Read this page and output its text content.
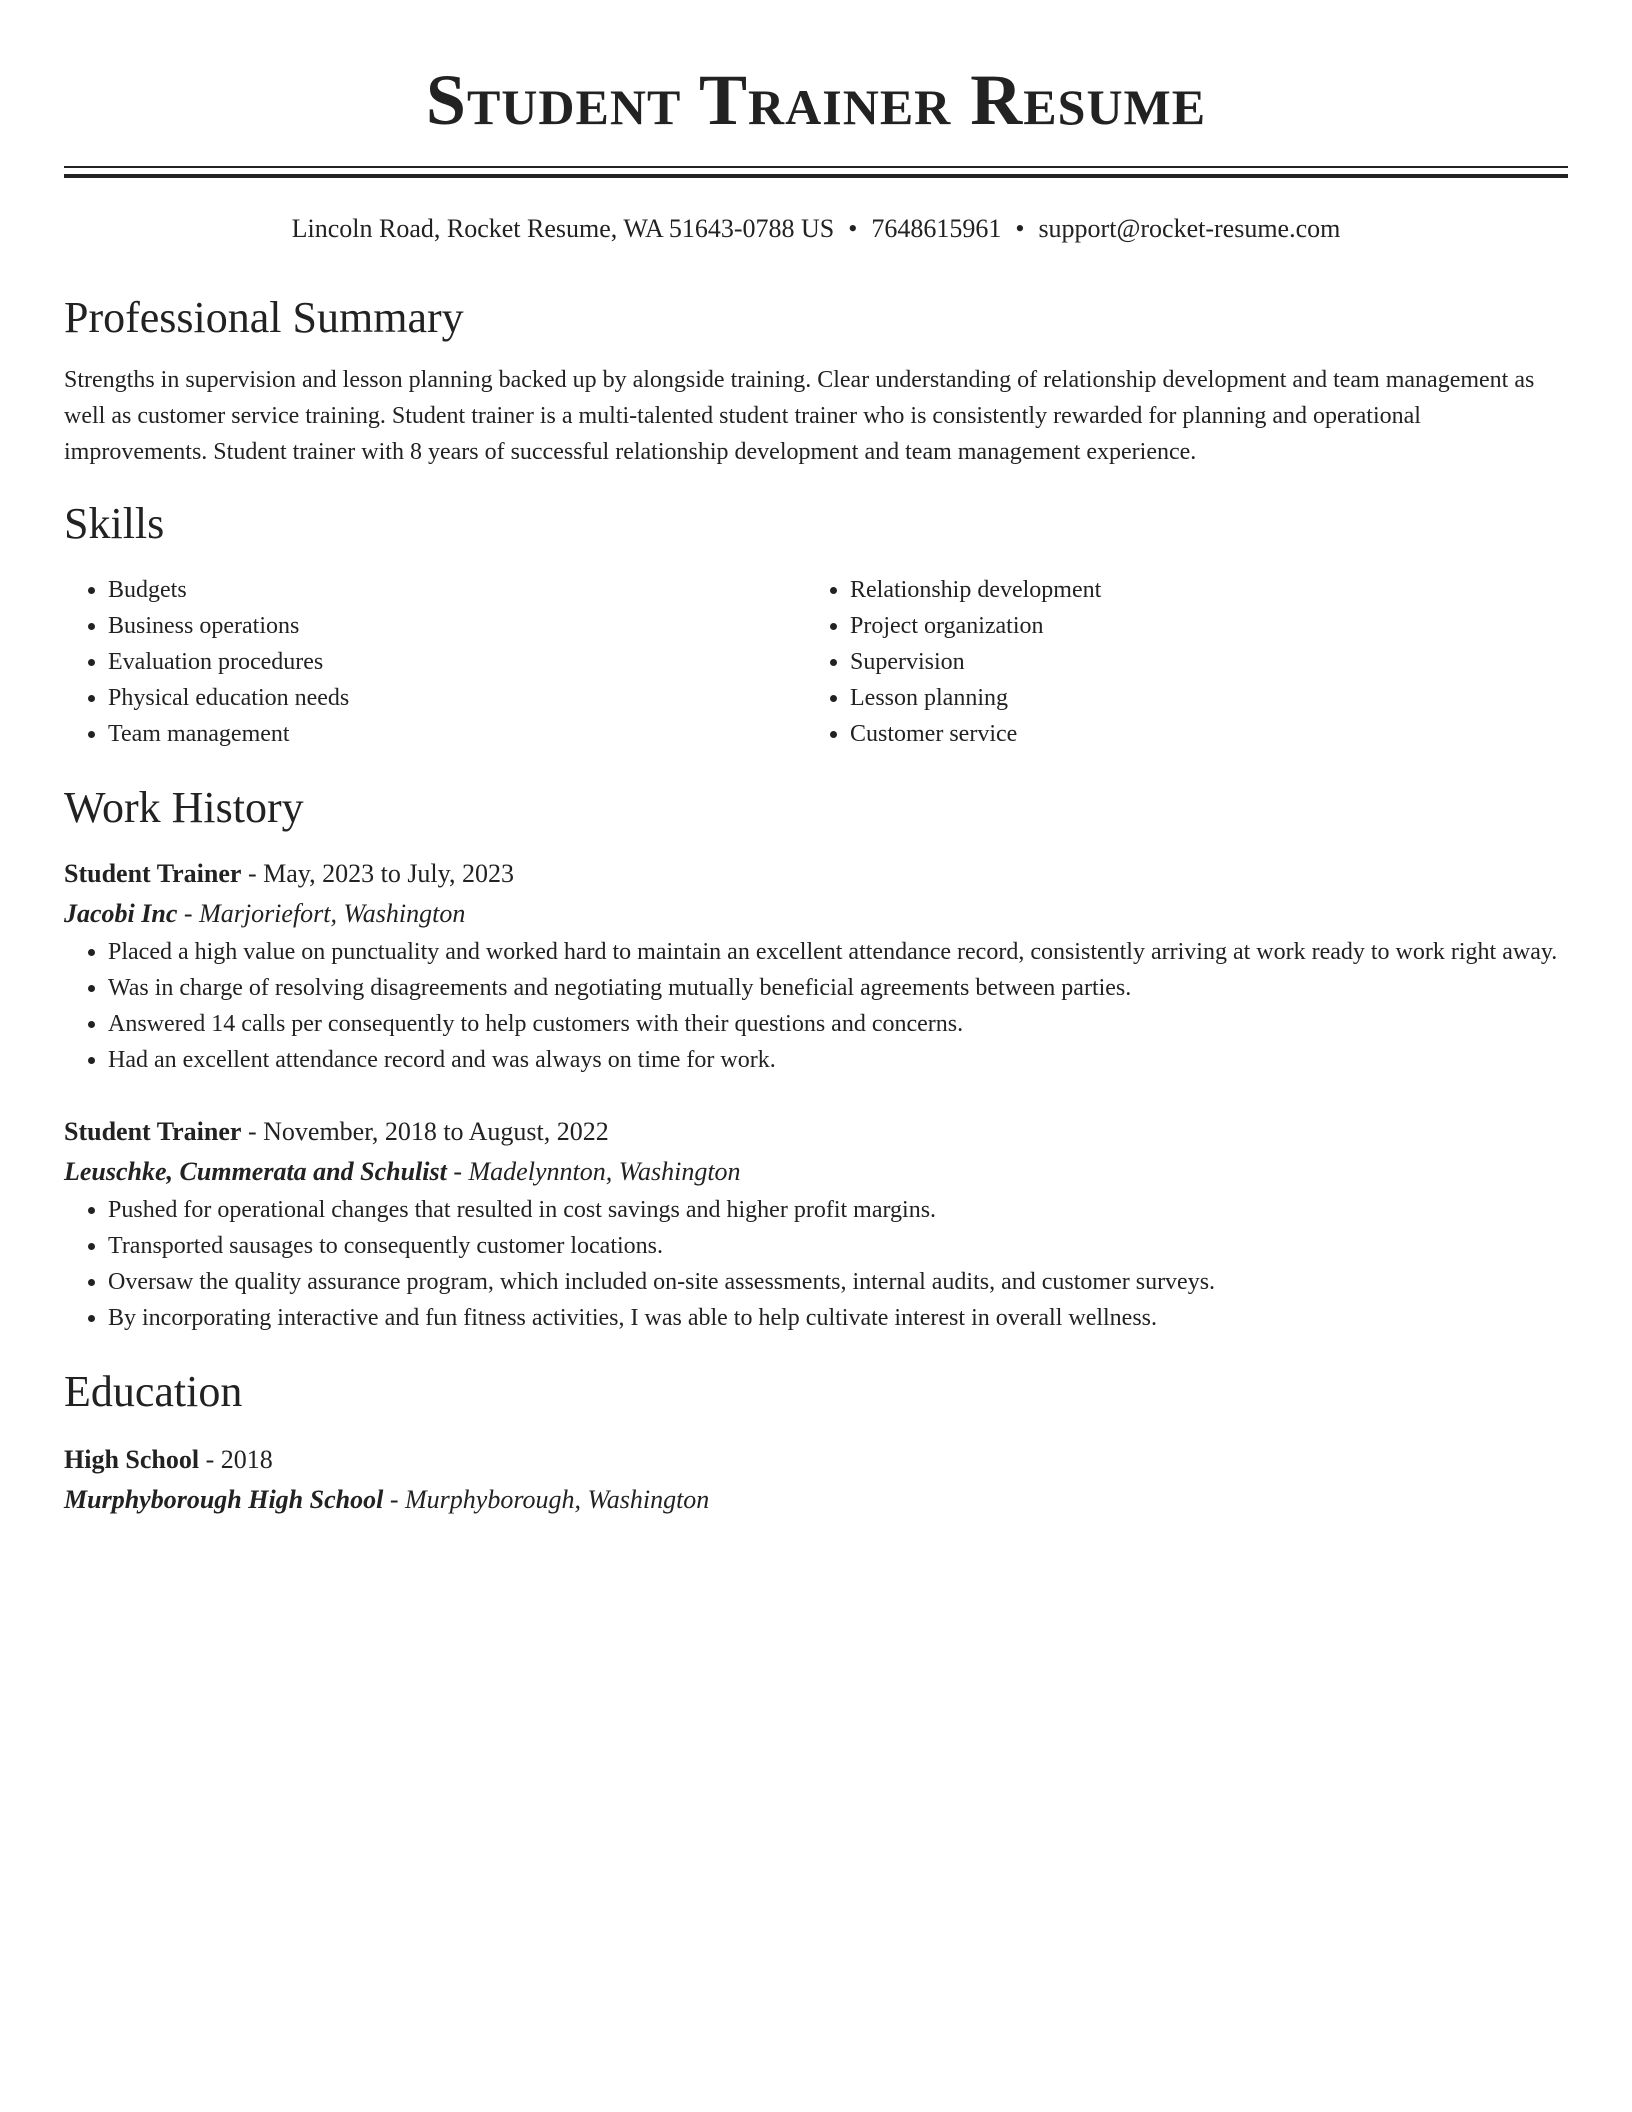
Student Trainer Resume
Lincoln Road, Rocket Resume, WA 51643-0788 US • 7648615961 • support@rocket-resume.com
Professional Summary
Strengths in supervision and lesson planning backed up by alongside training. Clear understanding of relationship development and team management as well as customer service training. Student trainer is a multi-talented student trainer who is consistently rewarded for planning and operational improvements. Student trainer with 8 years of successful relationship development and team management experience.
Skills
• Budgets
• Business operations
• Evaluation procedures
• Physical education needs
• Team management
• Relationship development
• Project organization
• Supervision
• Lesson planning
• Customer service
Work History
Student Trainer - May, 2023 to July, 2023
Jacobi Inc - Marjoriefort, Washington
• Placed a high value on punctuality and worked hard to maintain an excellent attendance record, consistently arriving at work ready to work right away.
• Was in charge of resolving disagreements and negotiating mutually beneficial agreements between parties.
• Answered 14 calls per consequently to help customers with their questions and concerns.
• Had an excellent attendance record and was always on time for work.
Student Trainer - November, 2018 to August, 2022
Leuschke, Cummerata and Schulist - Madelynnton, Washington
• Pushed for operational changes that resulted in cost savings and higher profit margins.
• Transported sausages to consequently customer locations.
• Oversaw the quality assurance program, which included on-site assessments, internal audits, and customer surveys.
• By incorporating interactive and fun fitness activities, I was able to help cultivate interest in overall wellness.
Education
High School - 2018
Murphyborough High School - Murphyborough, Washington
